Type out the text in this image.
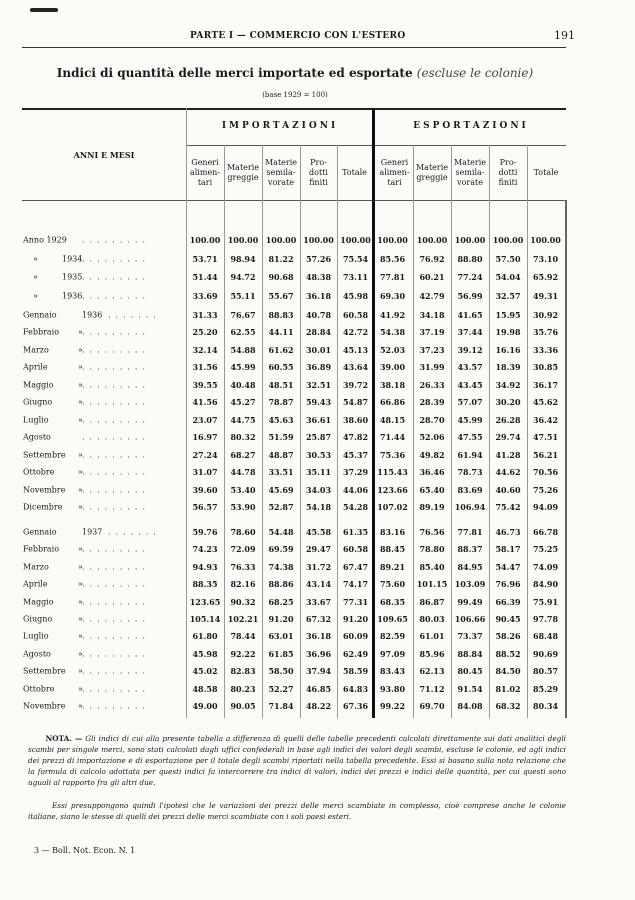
PARTE I — COMMERCIO CON L'ESTERO	191
Indici di quantità delle merci importate ed esportate (escluse le colonie)
(base 1929 = 100)
ANNI E MESI
IMPORTAZIONI	ESPORTAZIONI
Generi
alimen-
tari
Materie
greggie
Materie
semila-
vorate
Pro-
dotti
finiti
Totale
Generi
alimen-
tari
Materie
greggie
Materie
semila-
vorate
Pro-
dotti
finiti
Totale
Anno 1929 .........	100.00 100.00 100.00 100.00 100.00 100.00	100.00 100.00 100.00 100.00
»	1934 .........	53.71	98.94	81.22	57.26	75.54	85.56	76.92	88.80	57.50	73.10
»	1935 .........	51.44	94.72	90.68	48.38	73.11	77.81	60.21	77.24	54.04	65.92
»	1936 .........	33.69	55.11	55.67	36.18	45.98	69.30	42.79	56.99	32.57	49.31
Gennaio	1936 .......	31.33	76.67	88.83	40.78	60.58	41.92	34.18	41.65	15.95	30.92
Febbraio » .........	25.20	62.55	44.11	28.84	42.72	54.38	37.19	37.44	19.98	35.76
Marzo	» .........	32.14	54.88	61.62	30.01	45.13	52.03	37.23	39.12	16.16	33.36
Aprile	» .........	31.56	45.99	60.55	36.89	43.64	39.00	31.99	43.57	18.39	30.85
Maggio	» .........	39.55	40.48	48.51	32.51	39.72	38.18	26.33	43.45	34.92	36.17
Giugno	» .........	41.56	45.27	78.87	59.43	54.87	66.86	28.39	57.07	30.20	45.62
Luglio	» .........	23.07	44.75	45.63	36.61	38.60	48.15	28.70	45.99	26.28	36.42
Agosto	.........	16.97	80.32	51.59	25.87	47.82	71.44	52.06	47.55	29.74	47.51
Settembre » .........	27.24	68.27	48.87	30.53	45.37	75.36	49.82	61.94	41.28	56.21
Ottobre	» .........	31.07	44.78	33.51	35.11	37.29	115.43	36.46	78.73	44.62	70.56
Novembre » .........	39.60	53.40	45.69	34.03	44.06	123.66	65.40	83.69	40.60	75.26
Dicembre » .........	56.57	53.90	52.87	54.18	54.28	107.02	89.19	106.94	75.42	94.09
Gennaio	1937 .......	59.76	78.60	54.48	45.58	61.35	83.16	76.56	77.81	46.73	66.78
Febbraio » .........	74.23	72.09	69.59	29.47	60.58	88.45	78.80	88.37	58.17	75.25
Marzo	» .........	94.93	76.33	74.38	31.72	67.47	89.21	85.40	84.95	54.47	74.09
Aprile	» .........	88.35	82.16	88.86	43.14	74.17	75.60	101.15 103.09	76.96	84.90
Maggio	» .........	123.65	90.32	68.25	33.67	77.31	68.35	86.87	99.49	66.39	75.91
Giugno	» .........	105.14 102.21	91.20	67.32	91.20	109.65	80.03	106.66	90.45	97.78
Luglio	» .........	61.80	78.44	63.01	36.18	60.09	82.59	61.01	73.37	58.26	68.48
Agosto	» .........	45.98	92.22	61.85	36.96	62.49	97.09	85.96	88.84	88.52	90.69
Settembre » .........	45.02	82.83	58.50	37.94	58.59	83.43	62.13	80.45	84.50	80.57
Ottobre	» .........	48.58	80.23	52.27	46.85	64.83	93.80	71.12	91.54	81.02	85.29
Novembre » .........	49.00	90.05	71.84	48.22	67.36	99.22	69.70	84.08	68.32	80.34
NOTA. — Gli indici di cui alla presente tabella a differenza di quelli delle tabelle precedenti calcolati direttamente sui dati analitici degli scambi per singole merci, sono stati calcolati dagli uffici confederali in base agli indici dei valori degli scambi, escluse le colonie, ed agli indici dei prezzi di importazione e di esportazione per il totale degli scambi riportati nella tabella precedente. Essi si basano sulla nota relazione che la formula di calcolo adottata per questi indici fa intercorrere tra indici di valori, indici dei prezzi e indici delle quantità, per cui questi sono uguali al rapporto fra gli altri due.
Essi presuppongono quindi l'ipotesi che le variazioni dei prezzi delle merci scambiate in complesso, cioè comprese anche le colonie italiane, siano le stesse di quelli dei prezzi delle merci scambiate con i soli paesi esteri.
3 — Boll. Not. Econ. N. 1
